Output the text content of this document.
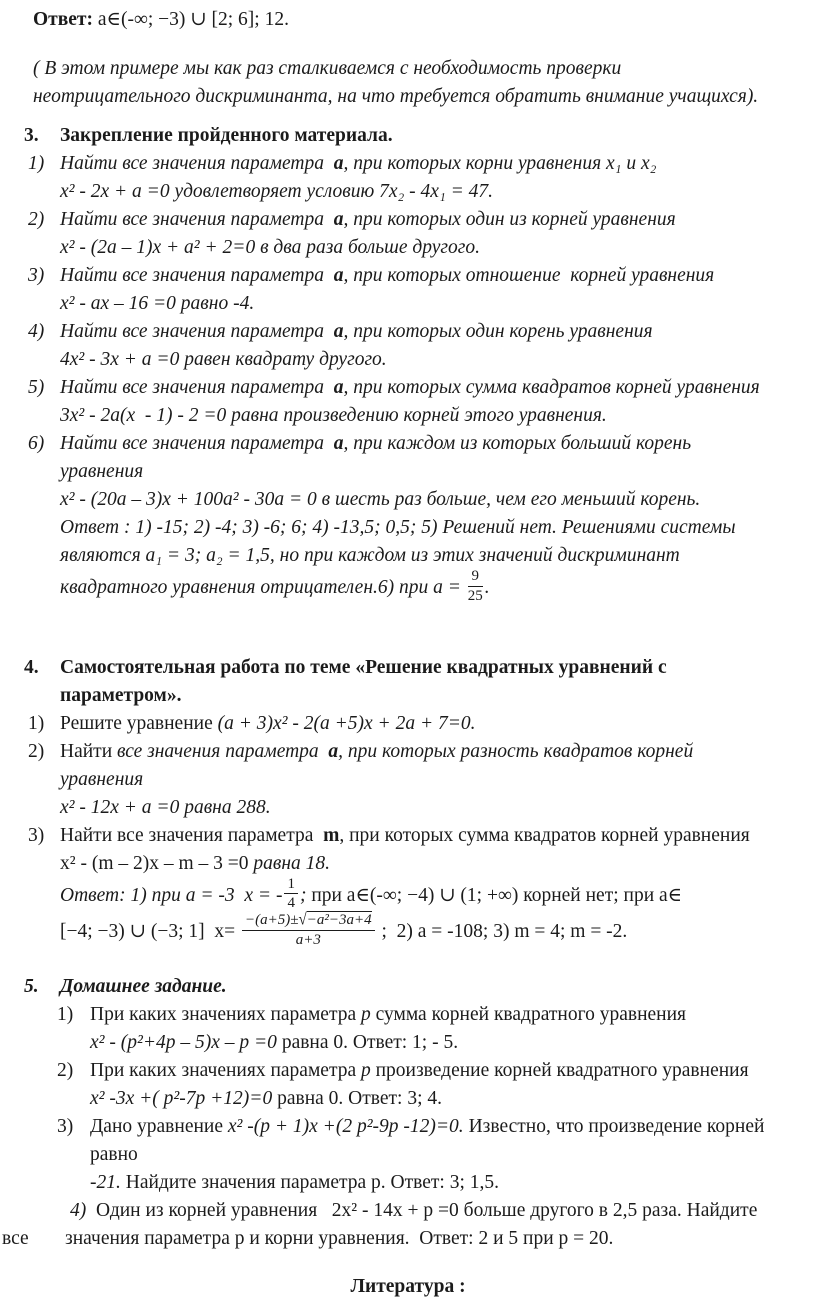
Ответ: a∈(-∞; −3) ∪ [2; 6]; 12.
( В этом примере мы как раз сталкиваемся с необходимость проверки
неотрицательного дискриминанта, на что требуется обратить внимание учащихся).
3. Закрепление пройденного материала.
1) Найти все значения параметра  а, при которых корни уравнения x₁ и x₂
x² - 2x + a =0 удовлетворяет условию 7x₂ - 4x₁ = 47.
2) Найти все значения параметра  а, при которых один из корней уравнения
x² - (2a – 1)x + a² + 2=0 в два раза больше другого.
3) Найти все значения параметра  а, при которых отношение  корней уравнения
x² - ax – 16 =0 равно -4.
4) Найти все значения параметра  а, при которых один корень уравнения
4x² - 3x + a =0 равен квадрату другого.
5) Найти все значения параметра  а, при которых сумма квадратов корней уравнения
3x² - 2a(x  - 1) - 2 =0 равна произведению корней этого уравнения.
6) Найти все значения параметра  а, при каждом из которых больший корень
уравнения
x² - (20a – 3)x + 100a² - 30a = 0 в шесть раз больше, чем его меньший корень.
Ответ : 1) -15; 2) -4; 3) -6; 6; 4) -13,5; 0,5; 5) Решений нет. Решениями системы
являются a₁ = 3; a₂ = 1,5, но при каждом из этих значений дискриминант
квадратного уравнения отрицателен.6) при $a = \frac{9}{25}$ .
4. Самостоятельная работа по теме «Решение квадратных уравнений с
параметром».
1) Решите уравнение (a + 3)x² - 2(a +5)x + 2a + 7=0.
2) Найти все значения параметра  а, при которых разность квадратов корней
уравнения
x² - 12x + a =0 равна 288.
3) Найти все значения параметра  m, при которых сумма квадратов корней уравнения
x² - (m – 2)x – m – 3 =0 равна 18.
Ответ: 1) при a = -3  x = - $\frac{1}{4}$ ; при a∈(-∞; −4) ∪ (1; +∞) корней нет; при a∈
[−4; −3) ∪ (−3; 1]  $x= \frac{\text{−(a+5)±√−a²−3a+4}}{a+3}$ ;  2) a = -108; 3) m = 4; m = -2.
5. Домашнее задание.
1) При каких значениях параметра p сумма корней квадратного уравнения
x² - (p²+4p – 5)x – p =0 равна 0. Ответ: 1; - 5.
2) При каких значениях параметра p произведение корней квадратного уравнения
x² -3x +( p²-7p +12)=0 равна 0. Ответ: 3; 4.
3) Дано уравнение x² -(p + 1)x +(2 p²-9p -12)=0. Известно, что произведение корней
равно
-21. Найдите значения параметра p. Ответ: 3; 1,5.
4) Один из корней уравнения   2x² - 14x + p =0 больше другого в 2,5 раза. Найдите
все значения параметра p и корни уравнения.  Ответ: 2 и 5 при p = 20.
Литература :
